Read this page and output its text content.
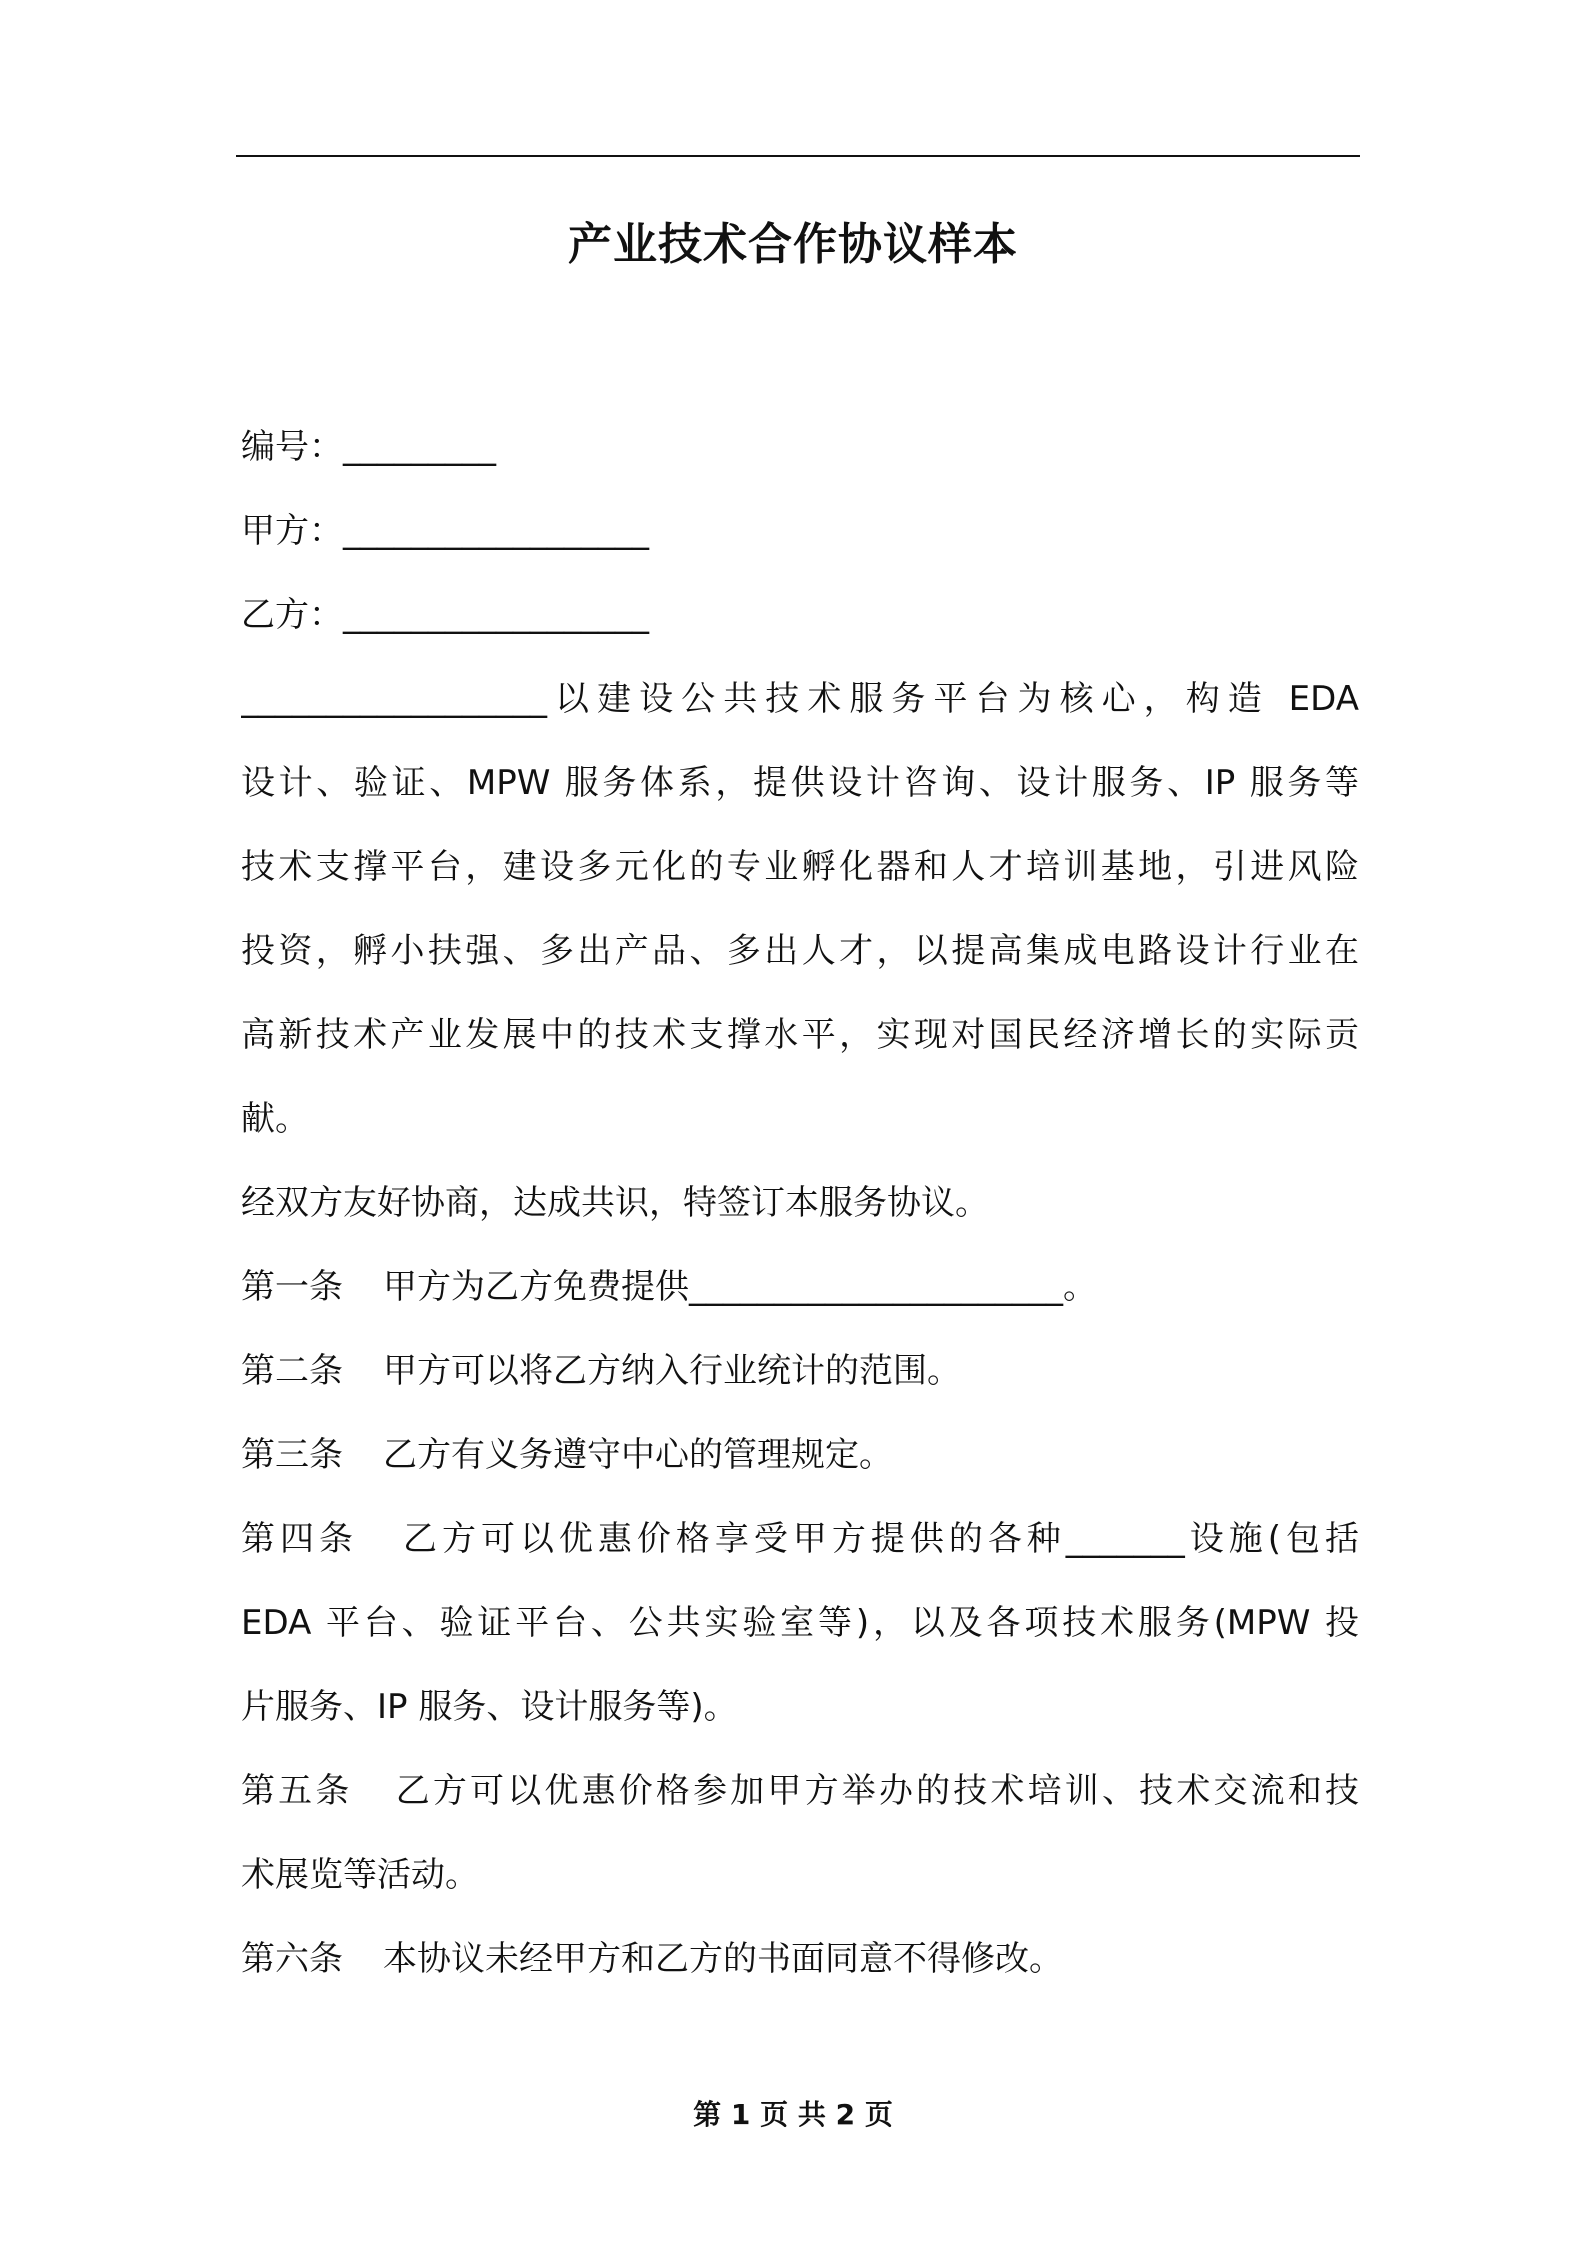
产业技术合作协议样本
编号：_________
甲方：__________________
乙方：__________________
__________________以建设公共技术服务平台为核心，构造 EDA
设计、验证、MPW 服务体系，提供设计咨询、设计服务、IP 服务等
技术支撑平台，建设多元化的专业孵化器和人才培训基地，引进风险
投资，孵小扶强、多出产品、多出人才，以提高集成电路设计行业在
高新技术产业发展中的技术支撑水平，实现对国民经济增长的实际贡
献。
经双方友好协商，达成共识，特签订本服务协议。
第一条 甲方为乙方免费提供______________________。
第二条 甲方可以将乙方纳入行业统计的范围。
第三条 乙方有义务遵守中心的管理规定。
第四条 乙方可以优惠价格享受甲方提供的各种_______设施(包括
EDA 平台、验证平台、公共实验室等)，以及各项技术服务(MPW 投
片服务、IP 服务、设计服务等)。
第五条 乙方可以优惠价格参加甲方举办的技术培训、技术交流和技
术展览等活动。
第六条 本协议未经甲方和乙方的书面同意不得修改。
第 1 页 共 2 页
